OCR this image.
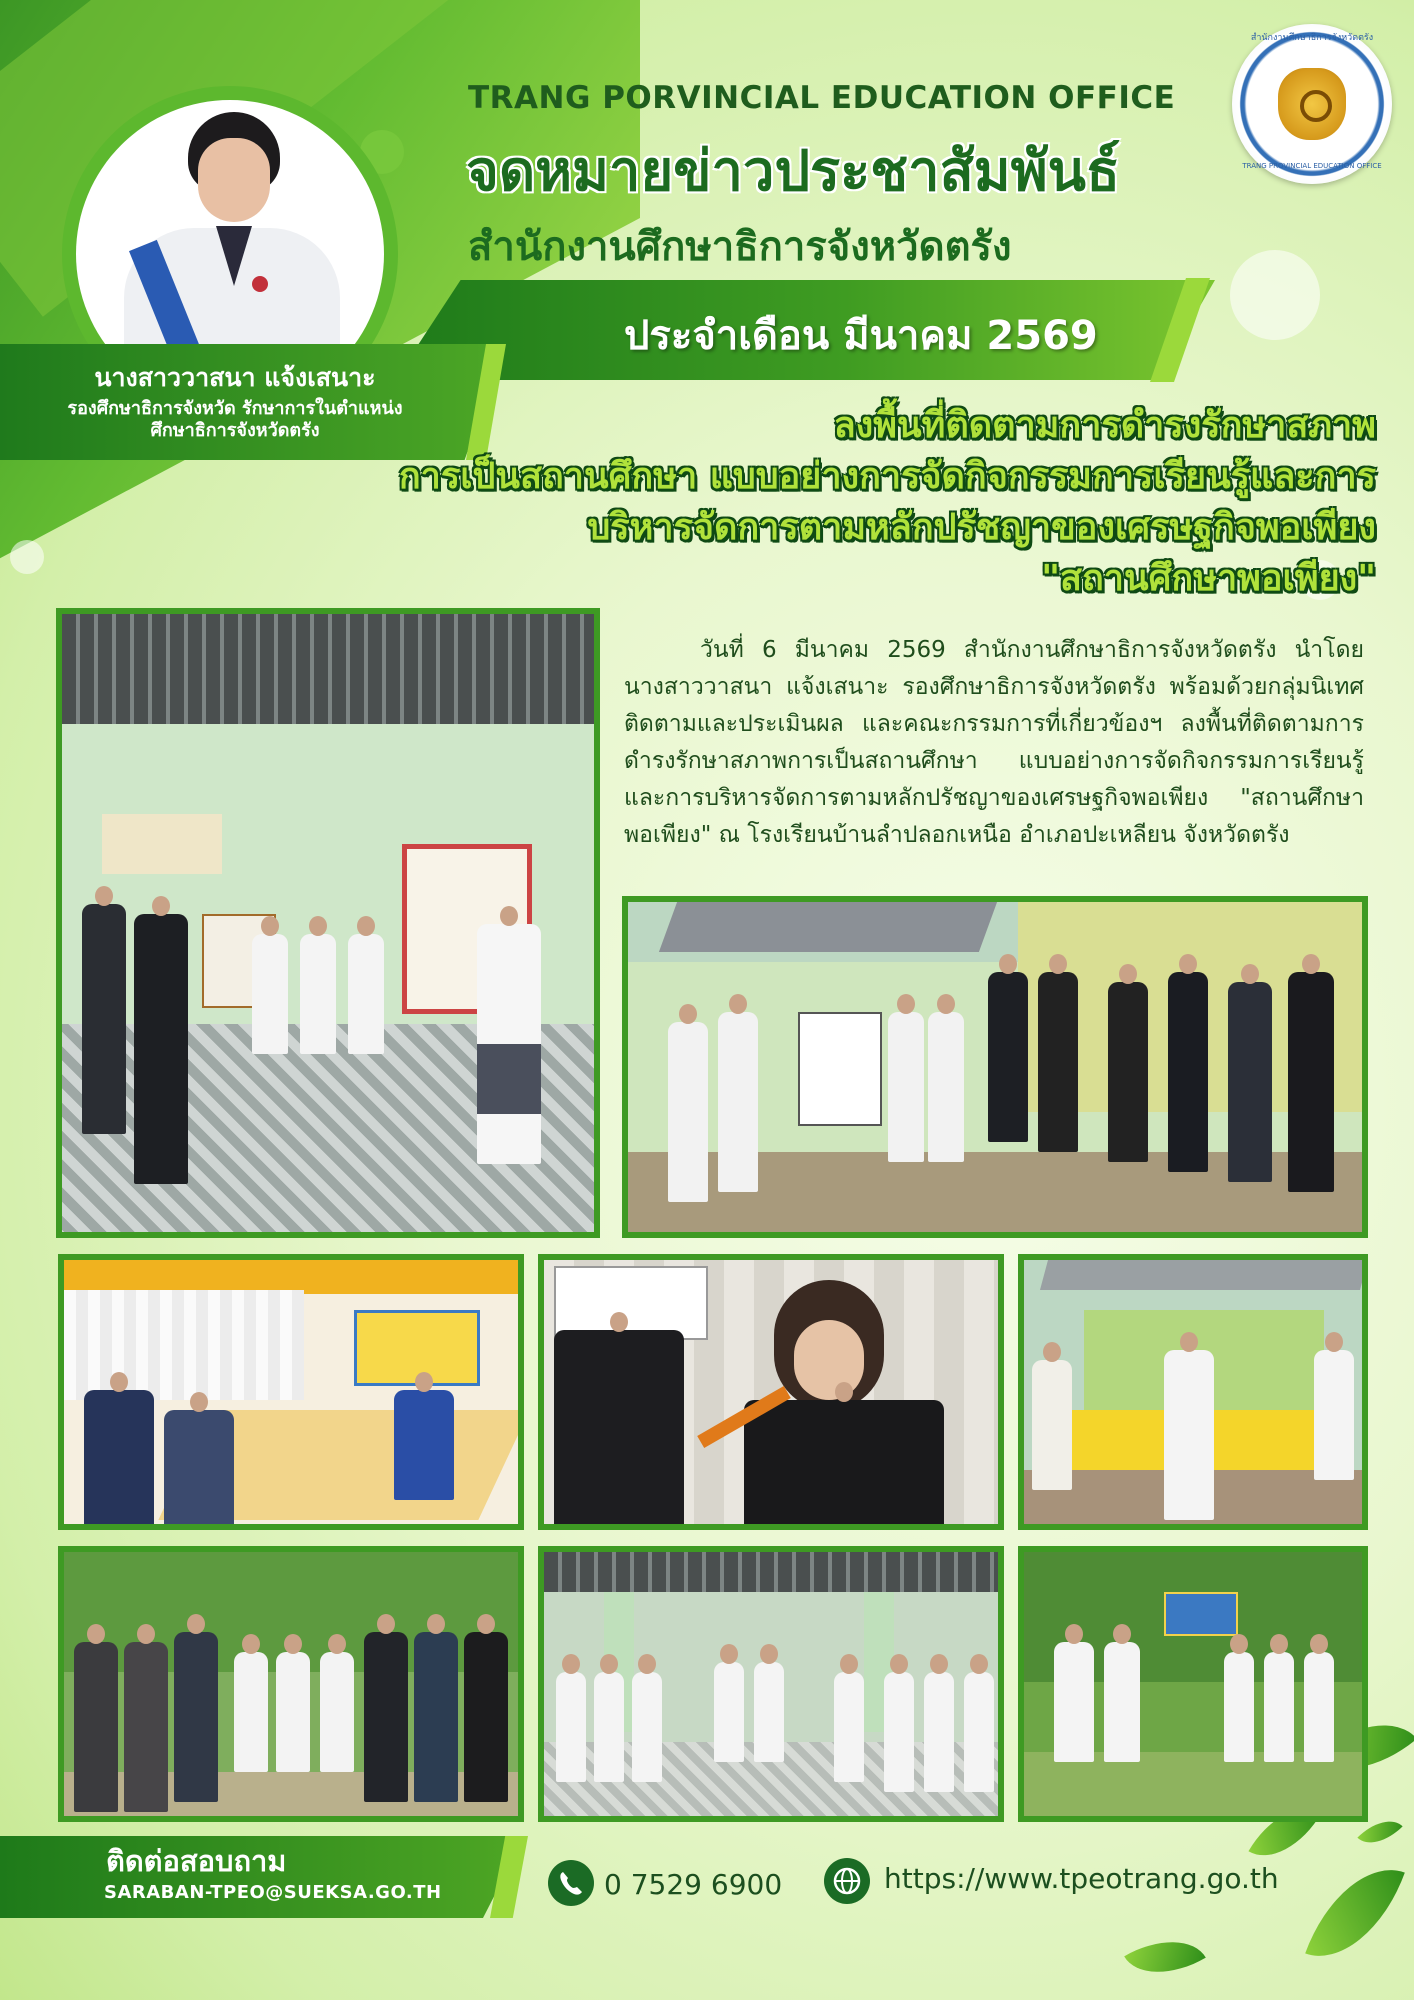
สำนักงานศึกษาธิการจังหวัดตรัง
TRANG PROVINCIAL EDUCATION OFFICE
TRANG PORVINCIAL EDUCATION OFFICE
จดหมายข่าวประชาสัมพันธ์
สำนักงานศึกษาธิการจังหวัดตรัง
ประจำเดือน มีนาคม 2569
นางสาววาสนา แจ้งเสนาะ
รองศึกษาธิการจังหวัด รักษาการในตำแหน่ง
ศึกษาธิการจังหวัดตรัง	ลงพื้นที่ติดตามการดำรงรักษาสภาพ
การเป็นสถานศึกษา แบบอย่างการจัดกิจกรรมการเรียนรู้และการ
บริหารจัดการตามหลักปรัชญาของเศรษฐกิจพอเพียง
"สถานศึกษาพอเพียง"

วันที่ 6 มีนาคม 2569 สำนักงานศึกษาธิการจังหวัดตรัง นำโดย นางสาววาสนา แจ้งเสนาะ รองศึกษาธิการจังหวัดตรัง พร้อมด้วยกลุ่มนิเทศ ติดตามและประเมินผล และคณะกรรมการที่เกี่ยวข้องฯ ลงพื้นที่ติดตามการดำรงรักษาสภาพการเป็นสถานศึกษา แบบอย่างการจัดกิจกรรมการเรียนรู้และการบริหารจัดการตามหลักปรัชญาของเศรษฐกิจพอเพียง "สถานศึกษาพอเพียง" ณ โรงเรียนบ้านลำปลอกเหนือ อำเภอปะเหลียน จังหวัดตรัง

ติดต่อสอบถาม
SARABAN-TPEO@SUEKSA.GO.TH	0 7529 6900	https://www.tpeotrang.go.th
